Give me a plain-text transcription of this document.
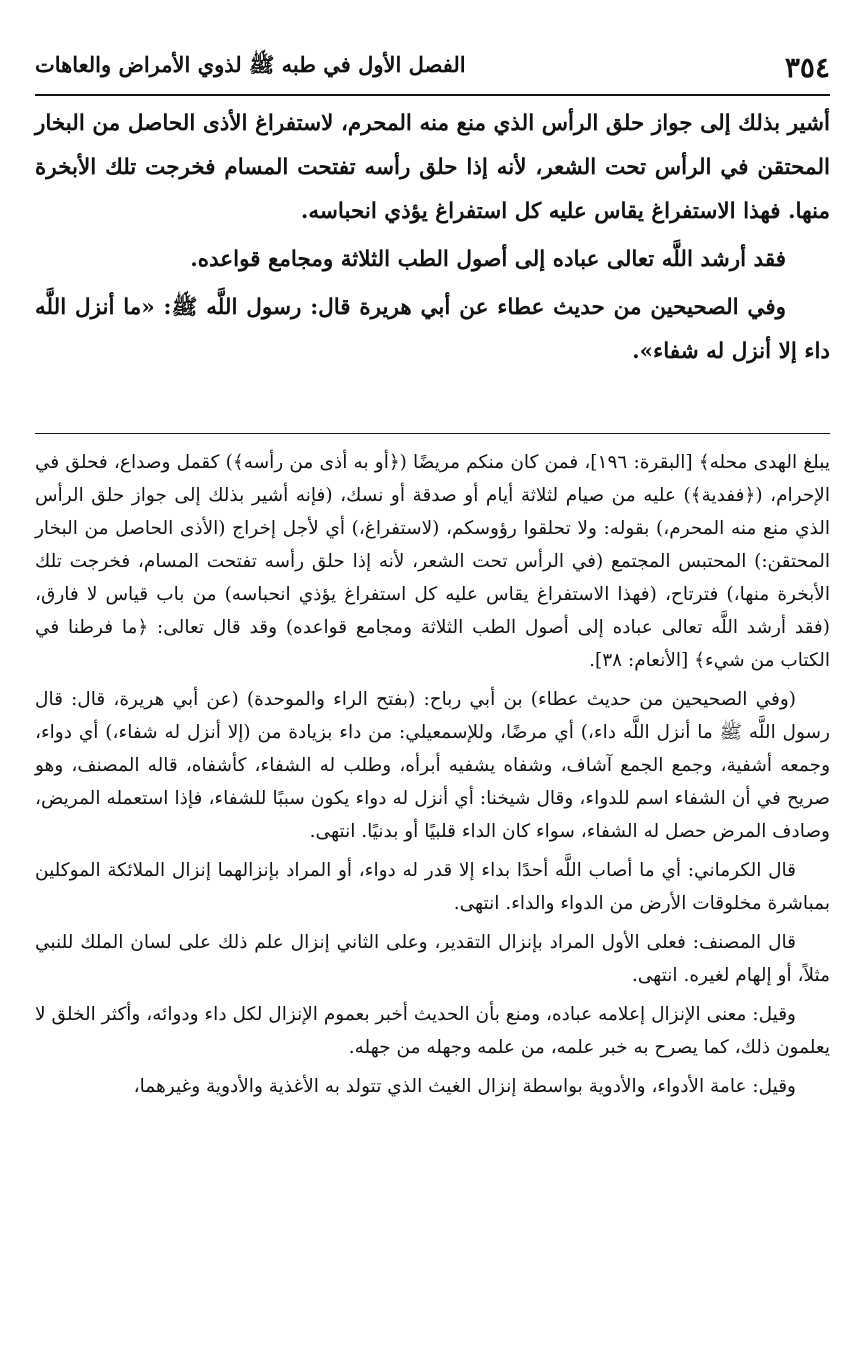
٣٥٤
الفصل الأول في طبه ﷺ لذوي الأمراض والعاهات

أشير بذلك إلى جواز حلق الرأس الذي منع منه المحرم، لاستفراغ الأذى الحاصل من البخار المحتقن في الرأس تحت الشعر، لأنه إذا حلق رأسه تفتحت المسام فخرجت تلك الأبخرة منها. فهذا الاستفراغ يقاس عليه كل استفراغ يؤذي انحباسه.

فقد أرشد اللَّه تعالى عباده إلى أصول الطب الثلاثة ومجامع قواعده.

وفي الصحيحين من حديث عطاء عن أبي هريرة قال: رسول اللَّه ﷺ: «ما أنزل اللَّه داء إلا أنزل له شفاء».

يبلغ الهدى محله﴾ [البقرة: ١٩٦]، فمن كان منكم مريضًا (﴿أو به أذى من رأسه﴾) كقمل وصداع، فحلق في الإحرام، (﴿ففدية﴾) عليه من صيام لثلاثة أيام أو صدقة أو نسك، (فإنه أشير بذلك إلى جواز حلق الرأس الذي منع منه المحرم،) بقوله: ولا تحلقوا رؤوسكم، (لاستفراغ،) أي لأجل إخراج (الأذى الحاصل من البخار المحتقن:) المحتبس المجتمع (في الرأس تحت الشعر، لأنه إذا حلق رأسه تفتحت المسام، فخرجت تلك الأبخرة منها،) فترتاح، (فهذا الاستفراغ يقاس عليه كل استفراغ يؤذي انحباسه) من باب قياس لا فارق، (فقد أرشد اللَّه تعالى عباده إلى أصول الطب الثلاثة ومجامع قواعده) وقد قال تعالى: ﴿ما فرطنا في الكتاب من شيء﴾ [الأنعام: ٣٨].

(وفي الصحيحين من حديث عطاء) بن أبي رباح: (بفتح الراء والموحدة) (عن أبي هريرة، قال: قال رسول اللَّه ﷺ ما أنزل اللَّه داء،) أي مرضًا، وللإسمعيلي: من داء بزيادة من (إلا أنزل له شفاء،) أي دواء، وجمعه أشفية، وجمع الجمع آشاف، وشفاه يشفيه أبرأه، وطلب له الشفاء، كأشفاه، قاله المصنف، وهو صريح في أن الشفاء اسم للدواء، وقال شيخنا: أي أنزل له دواء يكون سببًا للشفاء، فإذا استعمله المريض، وصادف المرض حصل له الشفاء، سواء كان الداء قلبيًا أو بدنيًا. انتهى.

قال الكرماني: أي ما أصاب اللَّه أحدًا بداء إلا قدر له دواء، أو المراد بإنزالهما إنزال الملائكة الموكلين بمباشرة مخلوقات الأرض من الدواء والداء. انتهى.

قال المصنف: فعلى الأول المراد بإنزال التقدير، وعلى الثاني إنزال علم ذلك على لسان الملك للنبي مثلاً، أو إلهام لغيره. انتهى.

وقيل: معنى الإنزال إعلامه عباده، ومنع بأن الحديث أخبر بعموم الإنزال لكل داء ودوائه، وأكثر الخلق لا يعلمون ذلك، كما يصرح به خبر علمه، من علمه وجهله من جهله.

وقيل: عامة الأدواء، والأدوية بواسطة إنزال الغيث الذي تتولد به الأغذية والأدوية وغيرهما،
